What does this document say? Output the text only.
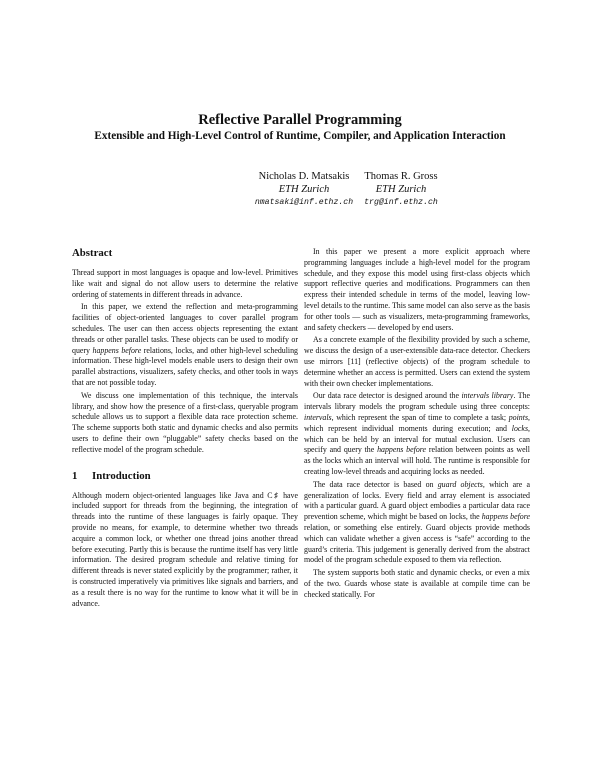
Reflective Parallel Programming
Extensible and High-Level Control of Runtime, Compiler, and Application Interaction
Nicholas D. Matsakis
ETH Zurich
nmatsaki@inf.ethz.ch
Thomas R. Gross
ETH Zurich
trg@inf.ethz.ch
Abstract

Thread support in most languages is opaque and low-level. Primitives like wait and signal do not allow users to determine the relative ordering of statements in different threads in advance.

In this paper, we extend the reflection and meta-programming facilities of object-oriented languages to cover parallel program schedules. The user can then access objects representing the extant threads or other parallel tasks. These objects can be used to modify or query happens before relations, locks, and other high-level scheduling information. These high-level models enable users to design their own parallel abstractions, visualizers, safety checks, and other tools in ways that are not possible today.

We discuss one implementation of this technique, the intervals library, and show how the presence of a first-class, queryable program schedule allows us to support a flexible data race protection scheme. The scheme supports both static and dynamic checks and also permits users to define their own “pluggable” safety checks based on the reflective model of the program schedule.

1 Introduction

Although modern object-oriented languages like Java and C♯ have included support for threads from the beginning, the integration of threads into the runtime of these languages is fairly opaque. They provide no means, for example, to determine whether two threads acquire a common lock, or whether one thread joins another thread before executing. Partly this is because the runtime itself has very little information. The desired program schedule and relative timing for different threads is never stated explicitly by the programmer; rather, it is constructed imperatively via primitives like signals and barriers, and as a result there is no way for the runtime to know what it will be in advance.

In this paper we present a more explicit approach where programming languages include a high-level model for the program schedule, and they expose this model using first-class objects which support reflective queries and modifications. Programmers can then express their intended schedule in terms of the model, leaving low-level details to the runtime. This same model can also serve as the basis for other tools — such as visualizers, meta-programming frameworks, and safety checkers — developed by end users.

As a concrete example of the flexibility provided by such a scheme, we discuss the design of a user-extensible data-race detector. Checkers use mirrors [11] (reflective objects) of the program schedule to determine whether an access is permitted. Users can extend the system with their own checker implementations.

Our data race detector is designed around the intervals library. The intervals library models the program schedule using three concepts: intervals, which represent the span of time to complete a task; points, which represent individual moments during execution; and locks, which can be held by an interval for mutual exclusion. Users can specify and query the happens before relation between points as well as the locks which an interval will hold. The runtime is responsible for creating low-level threads and acquiring locks as needed.

The data race detector is based on guard objects, which are a generalization of locks. Every field and array element is associated with a particular guard. A guard object embodies a particular data race prevention scheme, which might be based on locks, the happens before relation, or something else entirely. Guard objects provide methods which can validate whether a given access is “safe” according to the guard’s criteria. This judgement is generally derived from the abstract model of the program schedule exposed to them via reflection.

The system supports both static and dynamic checks, or even a mix of the two. Guards whose state is available at compile time can be checked statically. For
